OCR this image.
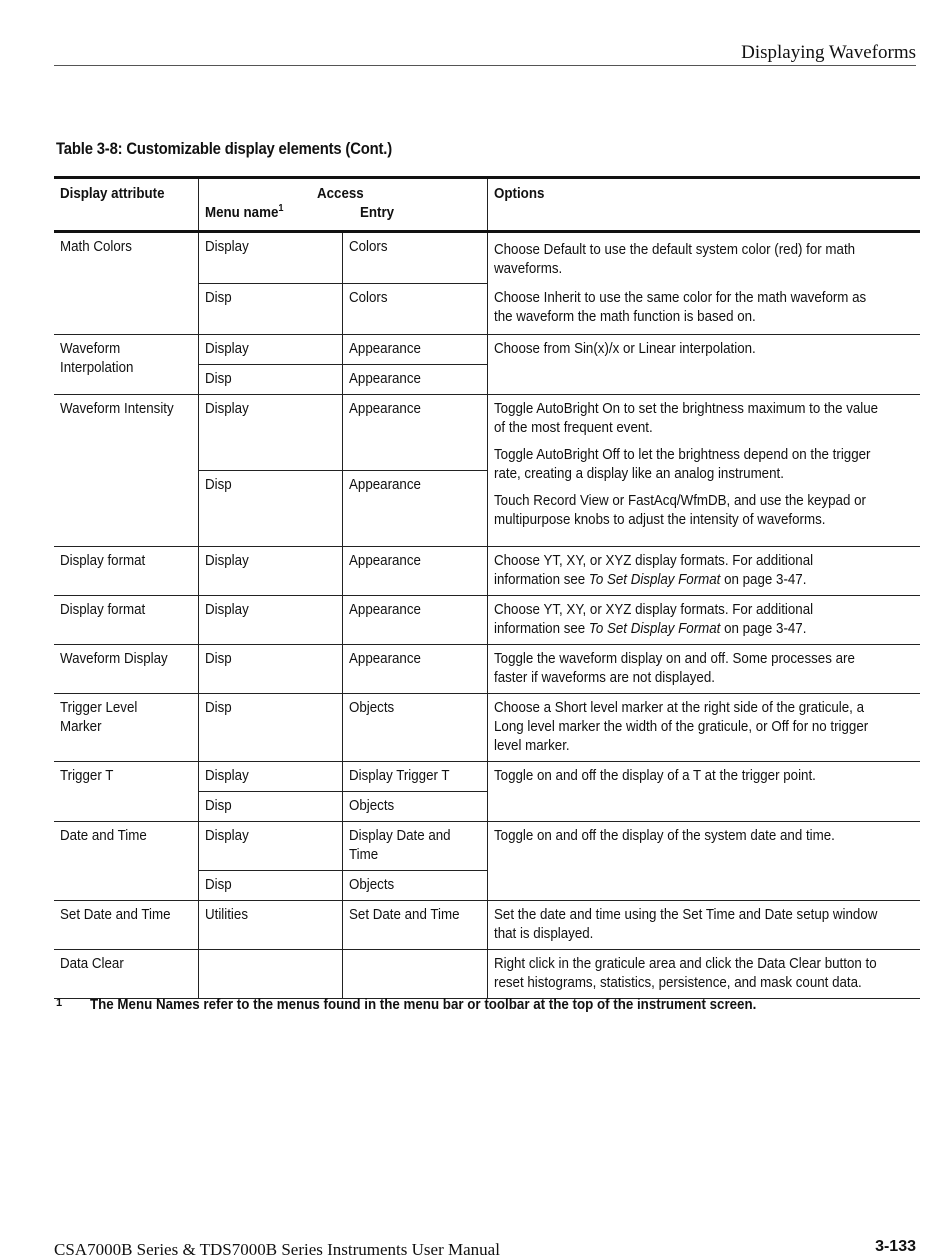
Displaying Waveforms
Table 3-8: Customizable display elements (Cont.)
Display attribute	Access
Menu name$^1$ Entry		Options
Math Colors	Display	Colors	Choose Default to use the default system color (red) for math waveforms.

Choose Inherit to use the same color for the math waveform as the waveform the math function is based on.

	Disp	Colors	
Waveform Interpolation	Display	Appearance	Choose from Sin(x)/x or Linear interpolation.
	Disp	Appearance	
Waveform Intensity	Display	Appearance	Toggle AutoBright On to set the brightness maximum to the value of the most frequent event.

Toggle AutoBright Off to let the brightness depend on the trigger rate, creating a display like an analog instrument.

Touch Record View or FastAcq/WfmDB, and use the keypad or multipurpose knobs to adjust the intensity of waveforms.

	Disp	Appearance	
Display format	Display	Appearance	Choose YT, XY, or XYZ display formats. For additional information see To Set Display Format on page 3-47.
Display format	Display	Appearance	Choose YT, XY, or XYZ display formats. For additional information see To Set Display Format on page 3-47.
Waveform Display	Disp	Appearance	Toggle the waveform display on and off. Some processes are faster if waveforms are not displayed.
Trigger Level Marker	Disp	Objects	Choose a Short level marker at the right side of the graticule, a Long level marker the width of the graticule, or Off for no trigger level marker.
Trigger T	Display	Display Trigger T	Toggle on and off the display of a T at the trigger point.
	Disp	Objects	
Date and Time	Display	Display Date and Time	Toggle on and off the display of the system date and time.
	Disp	Objects	
Set Date and Time	Utilities	Set Date and Time	Set the date and time using the Set Time and Date setup window that is displayed.
Data Clear			Right click in the graticule area and click the Data Clear button to reset histograms, statistics, persistence, and mask count data.
1 The Menu Names refer to the menus found in the menu bar or toolbar at the top of the instrument screen.
CSA7000B Series & TDS7000B Series Instruments User Manual	3-133
